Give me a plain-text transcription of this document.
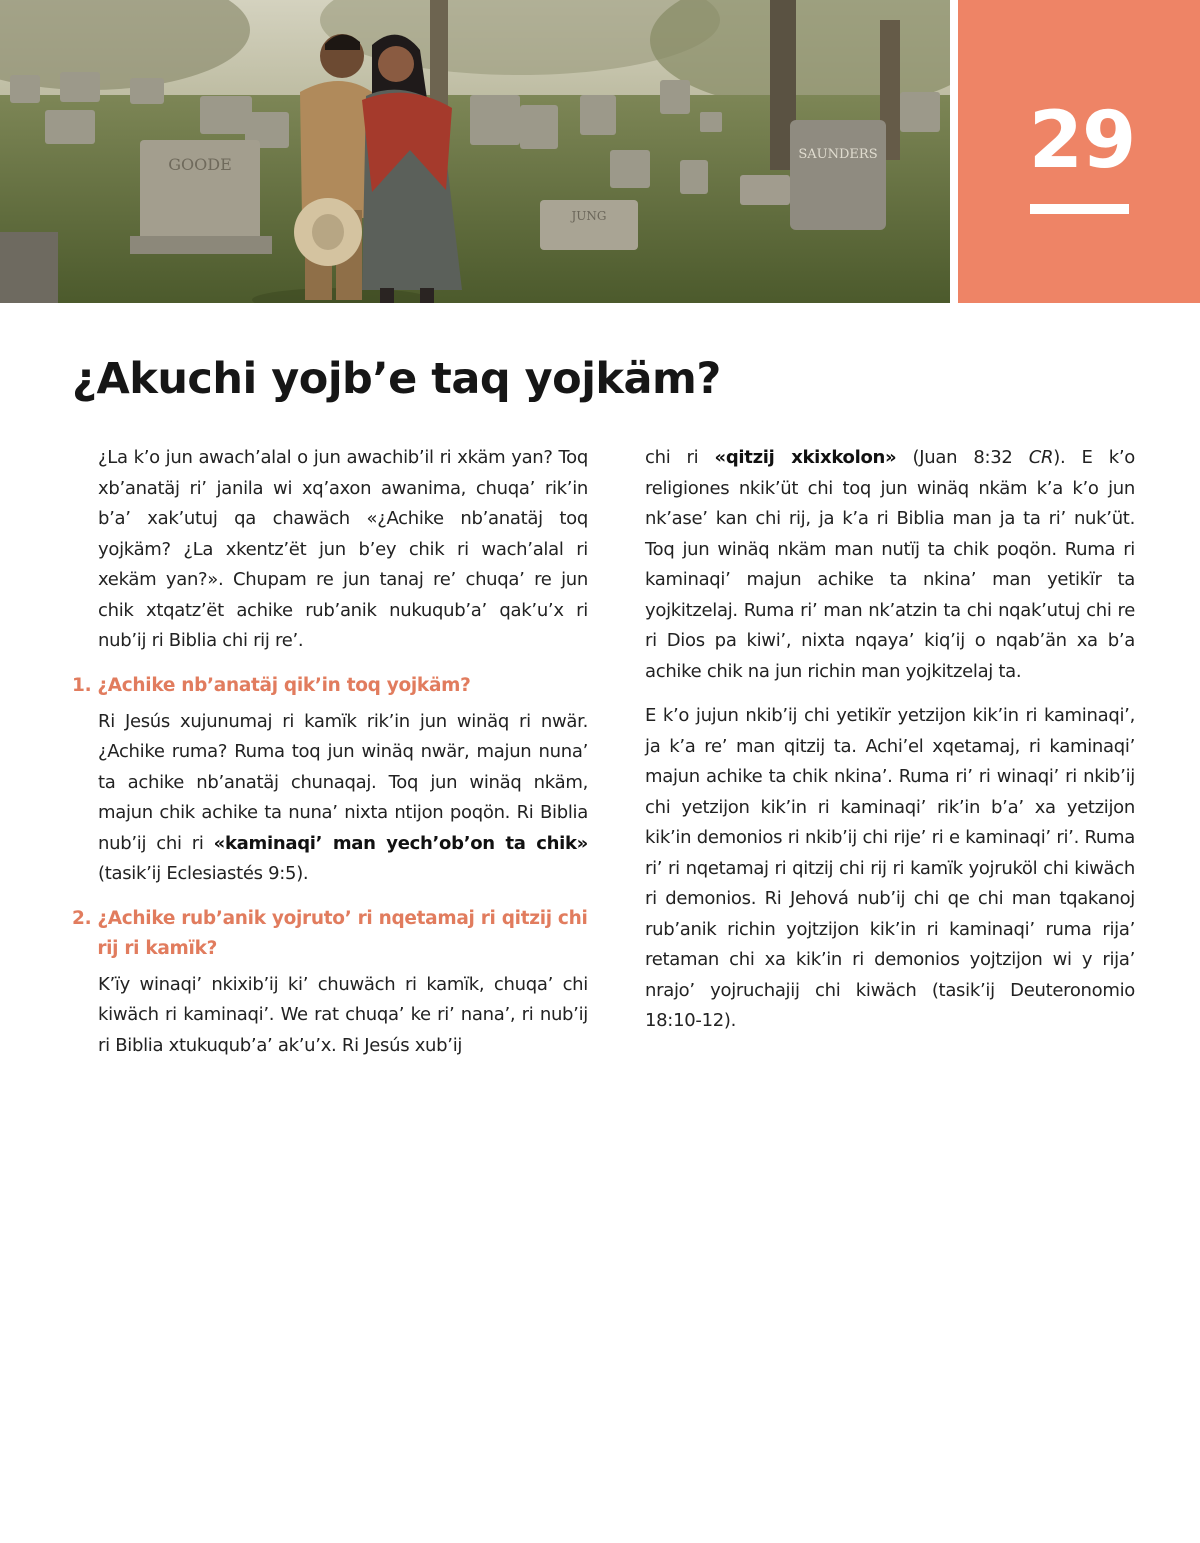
GOODE
JUNG
SAUNDERS	29
¿Akuchi yojb’e taq yojkäm?

¿La k’o jun awach’alal o jun awachib’il ri xkäm yan? Toq xb’anatäj ri’ janila wi xq’axon awanima, chuqa’ rik’in b’a’ xak’utuj qa chawäch «¿Achike nb’anatäj toq yojkäm? ¿La xkentz’ët jun b’ey chik ri wach’alal ri xekäm yan?». Chupam re jun tanaj re’ chuqa’ re jun chik xtqatz’ët achike rub’anik nukuqub’a’ qak’u’x ri nub’ij ri Biblia chi rij re’.

1. ¿Achike nb’anatäj qik’in toq yojkäm?

Ri Jesús xujunumaj ri kamïk rik’in jun winäq ri nwär. ¿Achike ruma? Ruma toq jun winäq nwär, majun nuna’ ta achike nb’anatäj chunaqaj. Toq jun winäq nkäm, majun chik achike ta nuna’ nixta ntijon poqön. Ri Biblia nub’ij chi ri «kaminaqi’ man yech’ob’on ta chik» (tasik’ij Eclesiastés 9:5).

2. ¿Achike rub’anik yojruto’ ri nqetamaj ri qitzij chi rij ri kamïk?

K’ïy winaqi’ nkixib’ij ki’ chuwäch ri kamïk, chuqa’ chi kiwäch ri kaminaqi’. We rat chuqa’ ke ri’ nana’, ri nub’ij ri Biblia xtukuqub’a’ ak’u’x. Ri Jesús xub’ij

chi ri «qitzij xkixkolon» (Juan 8:32 CR). E k’o religiones nkik’üt chi toq jun winäq nkäm k’a k’o jun nk’ase’ kan chi rij, ja k’a ri Biblia man ja ta ri’ nuk’üt. Toq jun winäq nkäm man nutïj ta chik poqön. Ruma ri kaminaqi’ majun achike ta nkina’ man yetikïr ta yojkitzelaj. Ruma ri’ man nk’atzin ta chi nqak’utuj chi re ri Dios pa kiwi’, nixta nqaya’ kiq’ij o nqab’än xa b’a achike chik na jun richin man yojkitzelaj ta.

E k’o jujun nkib’ij chi yetikïr yetzijon kik’in ri kaminaqi’, ja k’a re’ man qitzij ta. Achi’el xqetamaj, ri kaminaqi’ majun achike ta chik nkina’. Ruma ri’ ri winaqi’ ri nkib’ij chi yetzijon kik’in ri kaminaqi’ rik’in b’a’ xa yetzijon kik’in demonios ri nkib’ij chi rije’ ri e kaminaqi’ ri’. Ruma ri’ ri nqetamaj ri qitzij chi rij ri kamïk yojruköl chi kiwäch ri demonios. Ri Jehová nub’ij chi qe chi man tqakanoj rub’anik richin yojtzijon kik’in ri kaminaqi’ ruma rija’ retaman chi xa kik’in ri demonios yojtzijon wi y rija’ nrajo’ yojruchajij chi kiwäch (tasik’ij Deuteronomio 18:10-12).
